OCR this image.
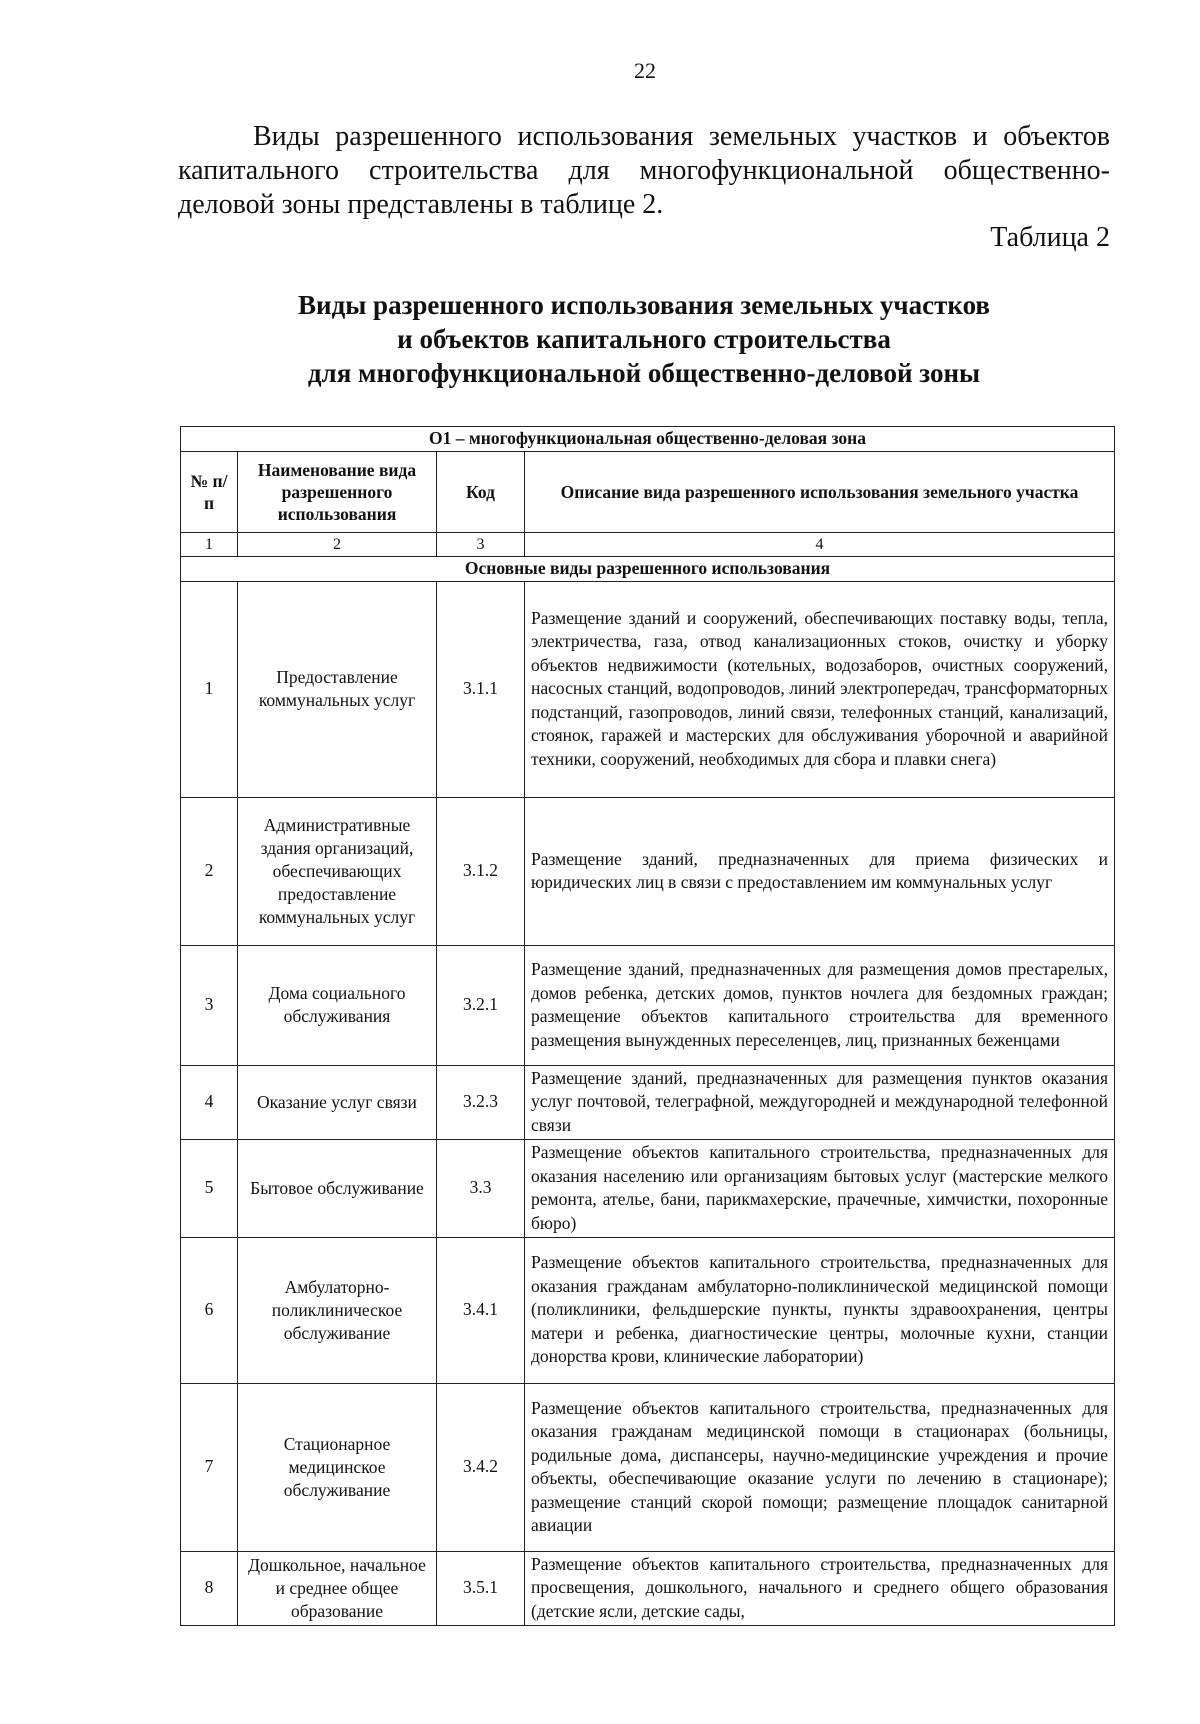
22

Виды разрешенного использования земельных участков и объектов капитального строительства для многофункциональной общественно-деловой зоны представлены в таблице 2.

Таблица 2
Виды разрешенного использования земельных участков
и объектов капитального строительства
для многофункциональной общественно-деловой зоны
О1 – многофункциональная общественно-деловая зона			
№ п/п	Наименование вида разрешенного использования	Код	Описание вида разрешенного использования земельного участка
1	2	3	4
Основные виды разрешенного использования			
1	Предоставление коммунальных услуг	3.1.1	Размещение зданий и сооружений, обеспечивающих поставку воды, тепла, электричества, газа, отвод канализационных стоков, очистку и уборку объектов недвижимости (котельных, водозаборов, очистных сооружений, насосных станций, водопроводов, линий электропередач, трансформаторных подстанций, газопроводов, линий связи, телефонных станций, канализаций, стоянок, гаражей и мастерских для обслуживания уборочной и аварийной техники, сооружений, необходимых для сбора и плавки снега)
2	Административные здания организаций, обеспечивающих предоставление коммунальных услуг	3.1.2	Размещение зданий, предназначенных для приема физических и юридических лиц в связи с предоставлением им коммунальных услуг
3	Дома социального обслуживания	3.2.1	Размещение зданий, предназначенных для размещения домов престарелых, домов ребенка, детских домов, пунктов ночлега для бездомных граждан; размещение объектов капитального строительства для временного размещения вынужденных переселенцев, лиц, признанных беженцами
4	Оказание услуг связи	3.2.3	Размещение зданий, предназначенных для размещения пунктов оказания услуг почтовой, телеграфной, междугородней и международной телефонной связи
5	Бытовое обслуживание	3.3	Размещение объектов капитального строительства, предназначенных для оказания населению или организациям бытовых услуг (мастерские мелкого ремонта, ателье, бани, парикмахерские, прачечные, химчистки, похоронные бюро)
6	Амбулаторно-поликлиническое обслуживание	3.4.1	Размещение объектов капитального строительства, предназначенных для оказания гражданам амбулаторно-поликлинической медицинской помощи (поликлиники, фельдшерские пункты, пункты здравоохранения, центры матери и ребенка, диагностические центры, молочные кухни, станции донорства крови, клинические лаборатории)
7	Стационарное медицинское обслуживание	3.4.2	Размещение объектов капитального строительства, предназначенных для оказания гражданам медицинской помощи в стационарах (больницы, родильные дома, диспансеры, научно-медицинские учреждения и прочие объекты, обеспечивающие оказание услуги по лечению в стационаре); размещение станций скорой помощи; размещение площадок санитарной авиации
8	Дошкольное, начальное и среднее общее образование	3.5.1	Размещение объектов капитального строительства, предназначенных для просвещения, дошкольного, начального и среднего общего образования (детские ясли, детские сады,
